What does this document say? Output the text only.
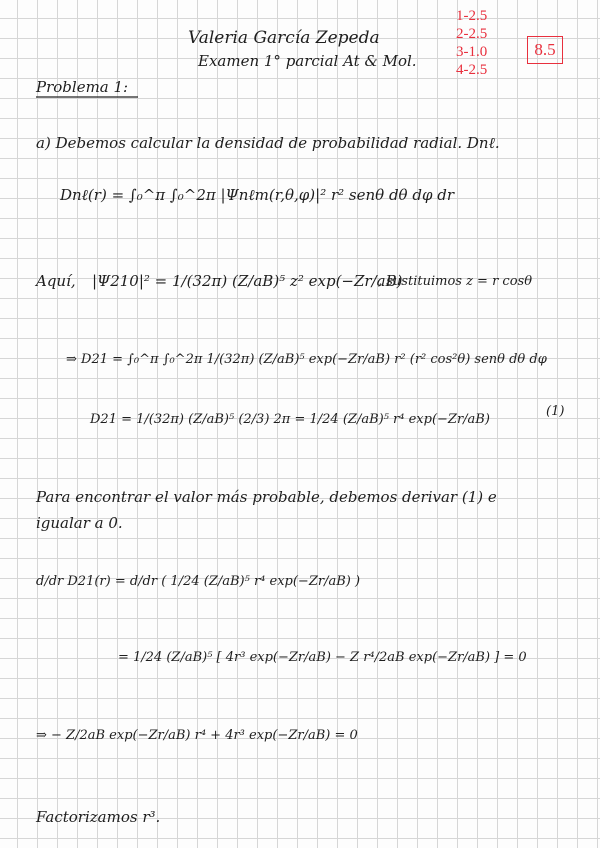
Valeria García Zepeda
Examen 1° parcial At & Mol.
1-2.5
2-2.5
3-1.0
4-2.5
8.5
Problema 1:
a) Debemos calcular la densidad de probabilidad radial. Dnℓ.
Dnℓ(r) = ∫₀^π ∫₀^2π |Ψnℓm(r,θ,φ)|² r² senθ dθ dφ dr
Aquí, |Ψ210|² = 1/(32π) (Z/aB)⁵ z² exp(−Zr/aB)
, sustituimos z = r cosθ
⇒ D21 = ∫₀^π ∫₀^2π 1/(32π) (Z/aB)⁵ exp(−Zr/aB) r² (r² cos²θ) senθ dθ dφ
D21 = 1/(32π) (Z/aB)⁵ (2/3) 2π = 1/24 (Z/aB)⁵ r⁴ exp(−Zr/aB)
(1)
Para encontrar el valor más probable, debemos derivar (1) e
igualar a 0.
d/dr D21(r) = d/dr ( 1/24 (Z/aB)⁵ r⁴ exp(−Zr/aB) )
= 1/24 (Z/aB)⁵ [ 4r³ exp(−Zr/aB) − Z r⁴/2aB exp(−Zr/aB) ] = 0
⇒ − Z/2aB exp(−Zr/aB) r⁴ + 4r³ exp(−Zr/aB) = 0
Factorizamos r³.
